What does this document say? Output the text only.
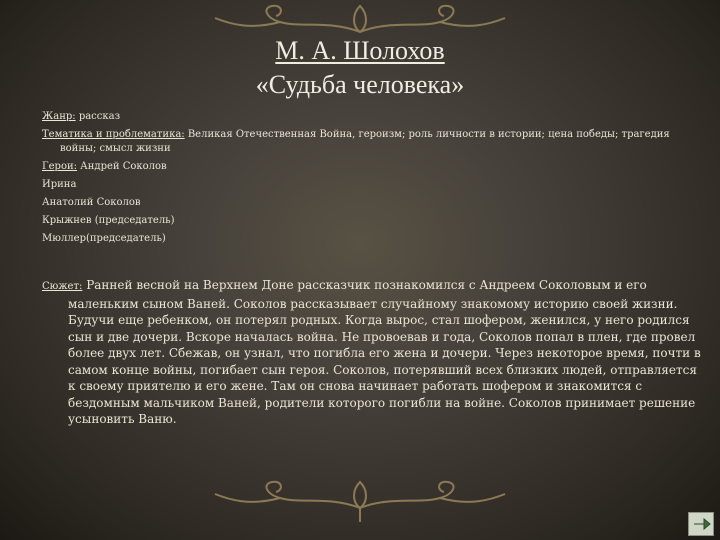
М. А. Шолохов
«Судьба человека»
Жанр: рассказ
Тематика и проблематика: Великая Отечественная Война, героизм; роль личности в истории; цена победы; трагедия войны; смысл жизни
Герои: Андрей Соколов
Ирина
Анатолий Соколов
Крыжнев (председатель)
Мюллер(председатель)
Сюжет: Ранней весной на Верхнем Доне рассказчик познакомился с Андреем Соколовым и его маленьким сыном Ваней. Соколов рассказывает случайному знакомому историю своей жизни. Будучи еще ребенком, он потерял родных. Когда вырос, стал шофером, женился, у него родился сын и две дочери. Вскоре началась война. Не провоевав и года, Соколов попал в плен, где провел более двух лет. Сбежав, он узнал, что погибла его жена и дочери. Через некоторое время, почти в самом конце войны, погибает сын героя. Соколов, потерявший всех близких людей, отправляется к своему приятелю и его жене. Там он снова начинает работать шофером и знакомится с бездомным мальчиком Ваней, родители которого погибли на войне. Соколов принимает решение усыновить Ваню.
